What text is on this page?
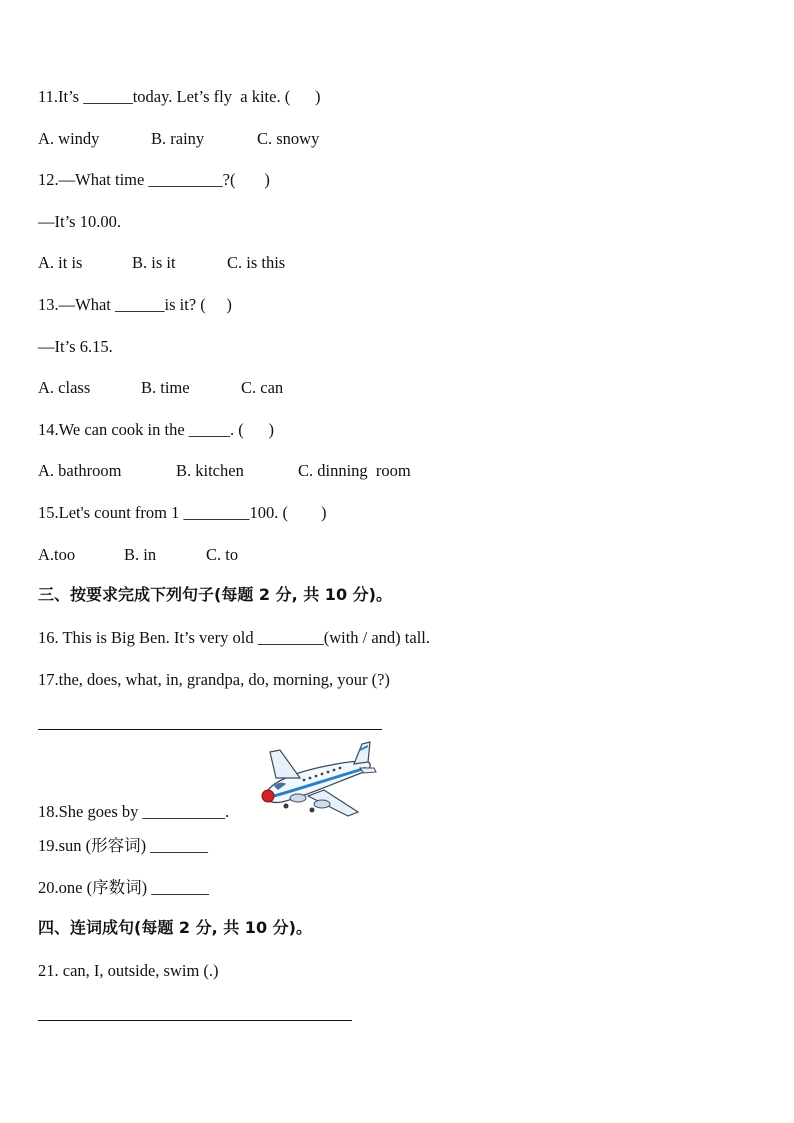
11.It’s ______today. Let’s fly  a kite. (      )
A. windy	B. rainy	C. snowy
12.—What time _________?(       )
—It’s 10.00.
A. it is	B. is it	C. is this
13.—What ______is it? (     )
—It’s 6.15.
A. class	B. time	C. can
14.We can cook in the _____. (      )
A. bathroom	B. kitchen	C. dinning  room
15.Let's count from 1 ________100. (        )
A.too	B. in	C. to
三、按要求完成下列句子(每题 2 分, 共 10 分)。
16. This is Big Ben. It’s very old ________(with / and) tall.
17.the, does, what, in, grandpa, do, morning, your (?)
18.She goes by __________.
19.sun (形容词) _______
20.one (序数词) _______
四、连词成句(每题 2 分, 共 10 分)。
21. can, I, outside, swim (.)
